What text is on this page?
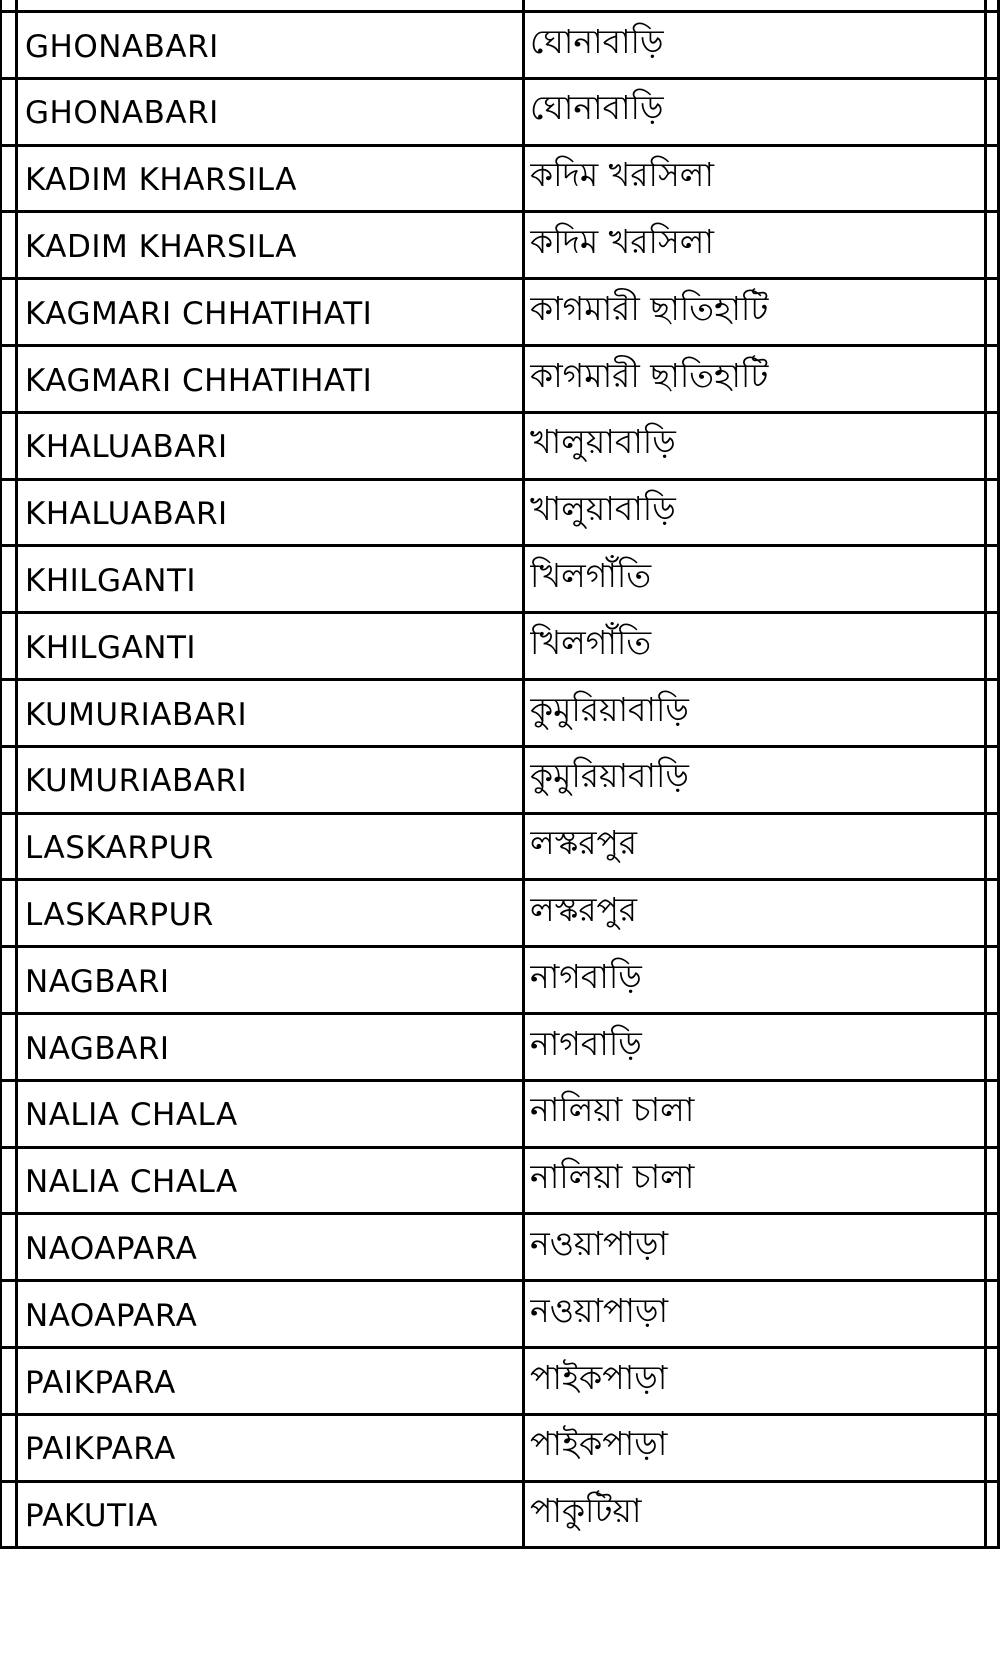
GHONABARI	ঘোনাবাড়ি
GHONABARI	ঘোনাবাড়ি
KADIM KHARSILA	কদিম খরসিলা
KADIM KHARSILA	কদিম খরসিলা
KAGMARI CHHATIHATI	কাগমারী ছাতিহাটি
KAGMARI CHHATIHATI	কাগমারী ছাতিহাটি
KHALUABARI	খালুয়াবাড়ি
KHALUABARI	খালুয়াবাড়ি
KHILGANTI	খিলগাঁতি
KHILGANTI	খিলগাঁতি
KUMURIABARI	কুমুরিয়াবাড়ি
KUMURIABARI	কুমুরিয়াবাড়ি
LASKARPUR	লস্করপুর
LASKARPUR	লস্করপুর
NAGBARI	নাগবাড়ি
NAGBARI	নাগবাড়ি
NALIA CHALA	নালিয়া চালা
NALIA CHALA	নালিয়া চালা
NAOAPARA	নওয়াপাড়া
NAOAPARA	নওয়াপাড়া
PAIKPARA	পাইকপাড়া
PAIKPARA	পাইকপাড়া
PAKUTIA	পাকুটিয়া
